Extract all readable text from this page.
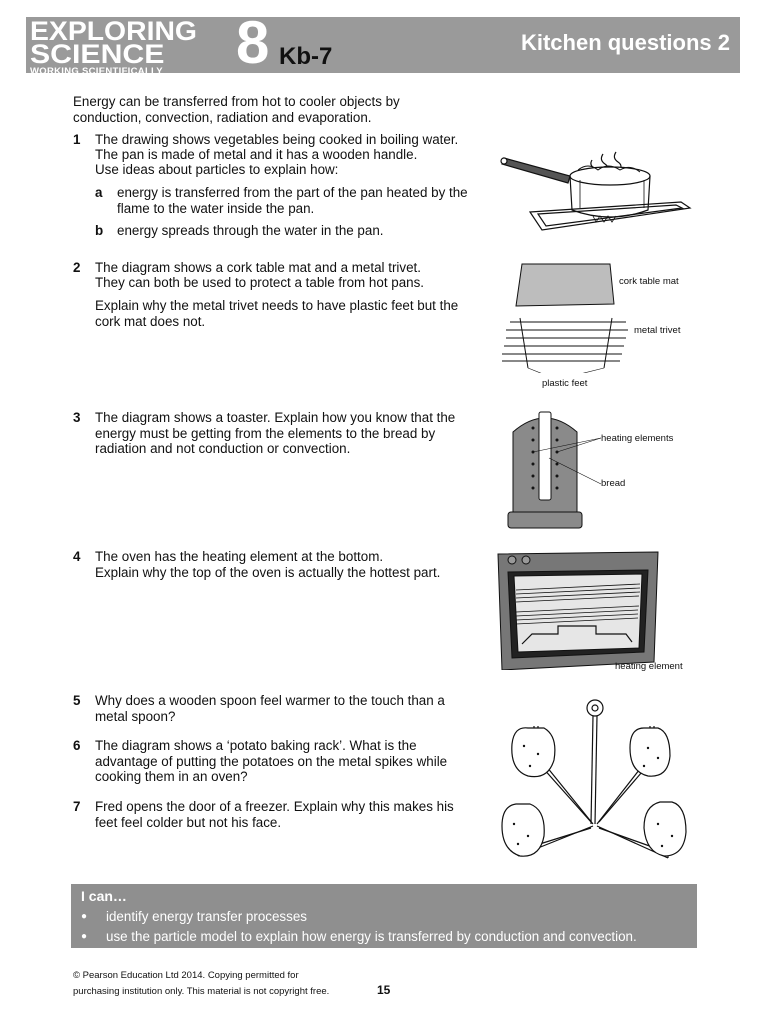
EXPLORING
SCIENCE
WORKING SCIENTIFICALLY	8 Kb-7
Kitchen questions 2
Energy can be transferred from hot to cooler objects by conduction, convection, radiation and evaporation.
1 The drawing shows vegetables being cooked in boiling water.
The pan is made of metal and it has a wooden handle.
Use ideas about particles to explain how:
a energy is transferred from the part of the pan heated by the flame to the water inside the pan.
b energy spreads through the water in the pan.
2 The diagram shows a cork table mat and a metal trivet.
They can both be used to protect a table from hot pans.
Explain why the metal trivet needs to have plastic feet but the cork mat does not.
cork table mat
metal trivet
plastic feet
3 The diagram shows a toaster. Explain how you know that the energy must be getting from the elements to the bread by radiation and not conduction or convection.
heating elements
bread
4 The oven has the heating element at the bottom.
Explain why the top of the oven is actually the hottest part.
heating element
5 Why does a wooden spoon feel warmer to the touch than a metal spoon?
6 The diagram shows a ‘potato baking rack’. What is the advantage of putting the potatoes on the metal spikes while cooking them in an oven?
7 Fred opens the door of a freezer. Explain why this makes his feet feel colder but not his face.
I can…
● identify energy transfer processes
● use the particle model to explain how energy is transferred by conduction and convection.
© Pearson Education Ltd 2014. Copying permitted for
purchasing institution only. This material is not copyright free.	15
